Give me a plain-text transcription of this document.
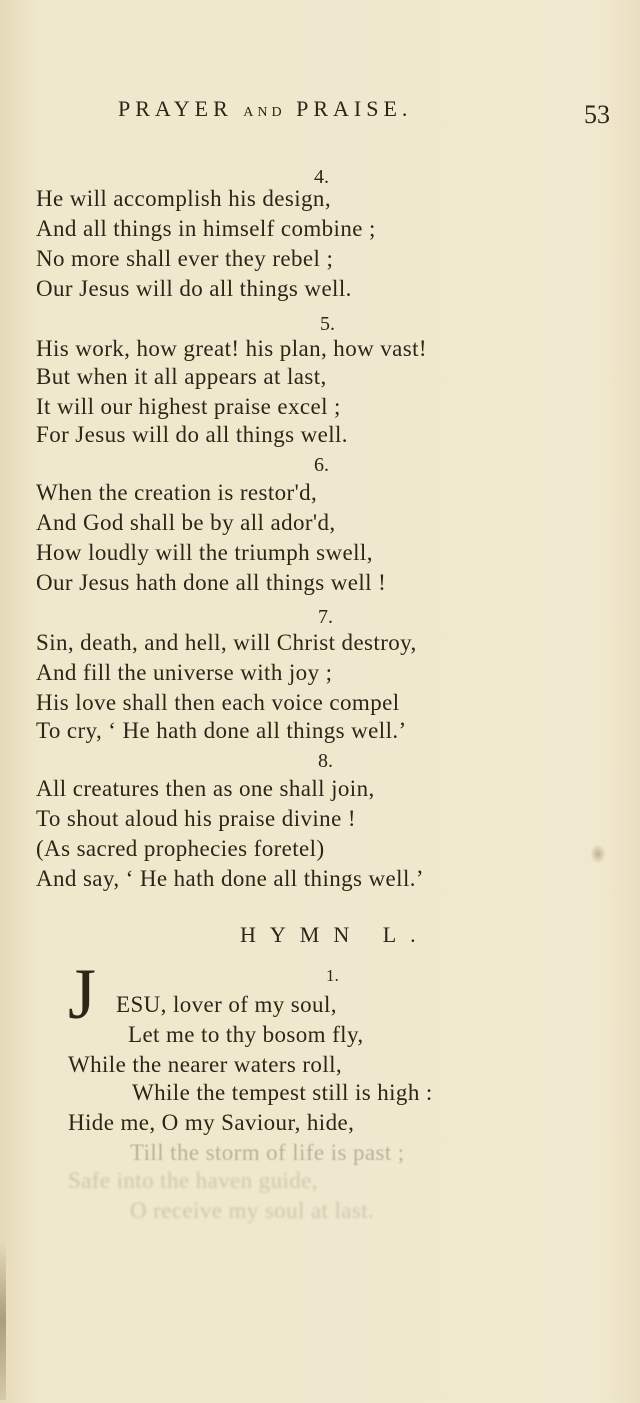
PRAYER AND PRAISE.	53
4.
He will accomplish his design,
And all things in himself combine ;
No more shall ever they rebel ;
Our Jesus will do all things well.
5.
His work, how great! his plan, how vast!
But when it all appears at last,
It will our highest praise excel ;
For Jesus will do all things well.
6.
When the creation is restor'd,
And God shall be by all ador'd,
How loudly will the triumph swell,
Our Jesus hath done all things well !
7.
Sin, death, and hell, will Christ destroy,
And fill the universe with joy ;
His love shall then each voice compel
To cry, ‘ He hath done all things well.’
8.
All creatures then as one shall join,
To shout aloud his praise divine !
(As sacred prophecies foretel)
And say, ‘ He hath done all things well.’
HYMN L.
1.
J ESU, lover of my soul,
Let me to thy bosom fly,
While the nearer waters roll,
While the tempest still is high :
Hide me, O my Saviour, hide,
Till the storm of life is past ;
Safe into the haven guide,
O receive my soul at last.
